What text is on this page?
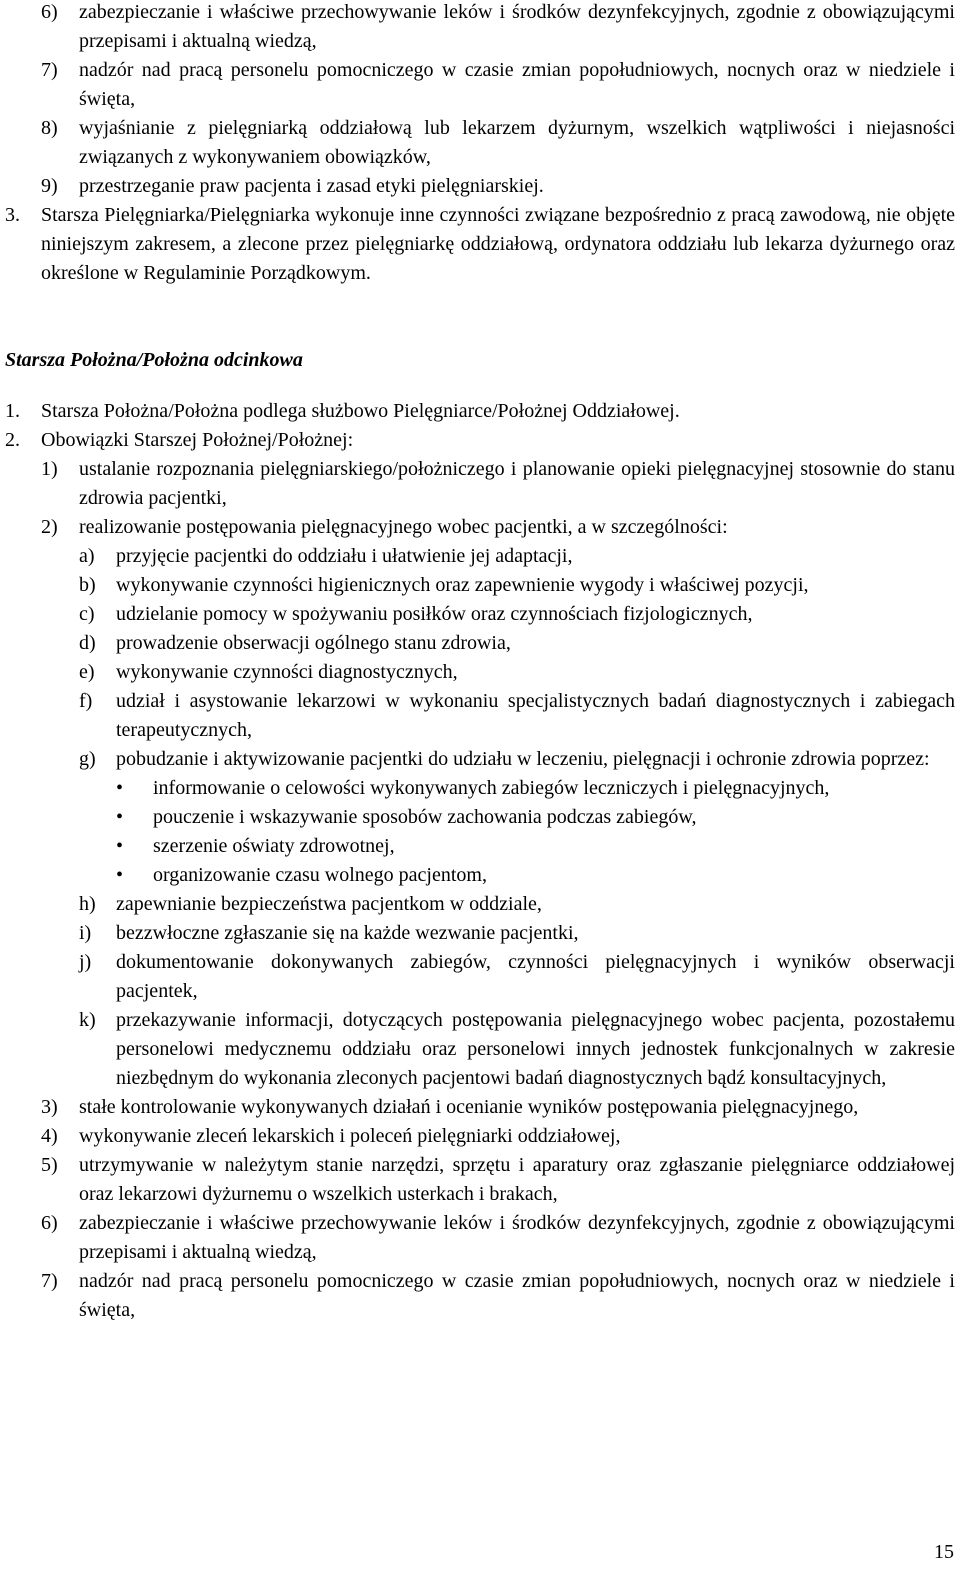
6) zabezpieczanie i właściwe przechowywanie leków i środków dezynfekcyjnych, zgodnie z obowiązującymi przepisami i aktualną wiedzą,
7) nadzór nad pracą personelu pomocniczego w czasie zmian popołudniowych, nocnych oraz w niedziele i święta,
8) wyjaśnianie z pielęgniarką oddziałową lub lekarzem dyżurnym, wszelkich wątpliwości i niejasności związanych z wykonywaniem obowiązków,
9) przestrzeganie praw pacjenta i zasad etyki pielęgniarskiej.
3. Starsza Pielęgniarka/Pielęgniarka wykonuje inne czynności związane bezpośrednio z pracą zawodową, nie objęte niniejszym zakresem, a zlecone przez pielęgniarkę oddziałową, ordynatora oddziału lub lekarza dyżurnego oraz określone w Regulaminie Porządkowym.
Starsza Położna/Położna odcinkowa
1. Starsza Położna/Położna podlega służbowo Pielęgniarce/Położnej Oddziałowej.
2. Obowiązki Starszej Położnej/Położnej:
1) ustalanie rozpoznania pielęgniarskiego/położniczego i planowanie opieki pielęgnacyjnej stosownie do stanu zdrowia pacjentki,
2) realizowanie postępowania pielęgnacyjnego wobec pacjentki, a w szczególności:
a) przyjęcie pacjentki do oddziału i ułatwienie jej adaptacji,
b) wykonywanie czynności higienicznych oraz zapewnienie wygody i właściwej pozycji,
c) udzielanie pomocy w spożywaniu posiłków oraz czynnościach fizjologicznych,
d) prowadzenie obserwacji ogólnego stanu zdrowia,
e) wykonywanie czynności diagnostycznych,
f) udział i asystowanie lekarzowi w wykonaniu specjalistycznych badań diagnostycznych i zabiegach terapeutycznych,
g) pobudzanie i aktywizowanie pacjentki do udziału w leczeniu, pielęgnacji i ochronie zdrowia poprzez:
• informowanie o celowości wykonywanych zabiegów leczniczych i pielęgnacyjnych,
• pouczenie i wskazywanie sposobów zachowania podczas zabiegów,
• szerzenie oświaty zdrowotnej,
• organizowanie czasu wolnego pacjentom,
h) zapewnianie bezpieczeństwa pacjentkom w oddziale,
i) bezzwłoczne zgłaszanie się na każde wezwanie pacjentki,
j) dokumentowanie dokonywanych zabiegów, czynności pielęgnacyjnych i wyników obserwacji pacjentek,
k) przekazywanie informacji, dotyczących postępowania pielęgnacyjnego wobec pacjenta, pozostałemu personelowi medycznemu oddziału oraz personelowi innych jednostek funkcjonalnych w zakresie niezbędnym do wykonania zleconych pacjentowi badań diagnostycznych bądź konsultacyjnych,
3) stałe kontrolowanie wykonywanych działań i ocenianie wyników postępowania pielęgnacyjnego,
4) wykonywanie zleceń lekarskich i poleceń pielęgniarki oddziałowej,
5) utrzymywanie w należytym stanie narzędzi, sprzętu i aparatury oraz zgłaszanie pielęgniarce oddziałowej oraz lekarzowi dyżurnemu o wszelkich usterkach i brakach,
6) zabezpieczanie i właściwe przechowywanie leków i środków dezynfekcyjnych, zgodnie z obowiązującymi przepisami i aktualną wiedzą,
7) nadzór nad pracą personelu pomocniczego w czasie zmian popołudniowych, nocnych oraz w niedziele i święta,
15
